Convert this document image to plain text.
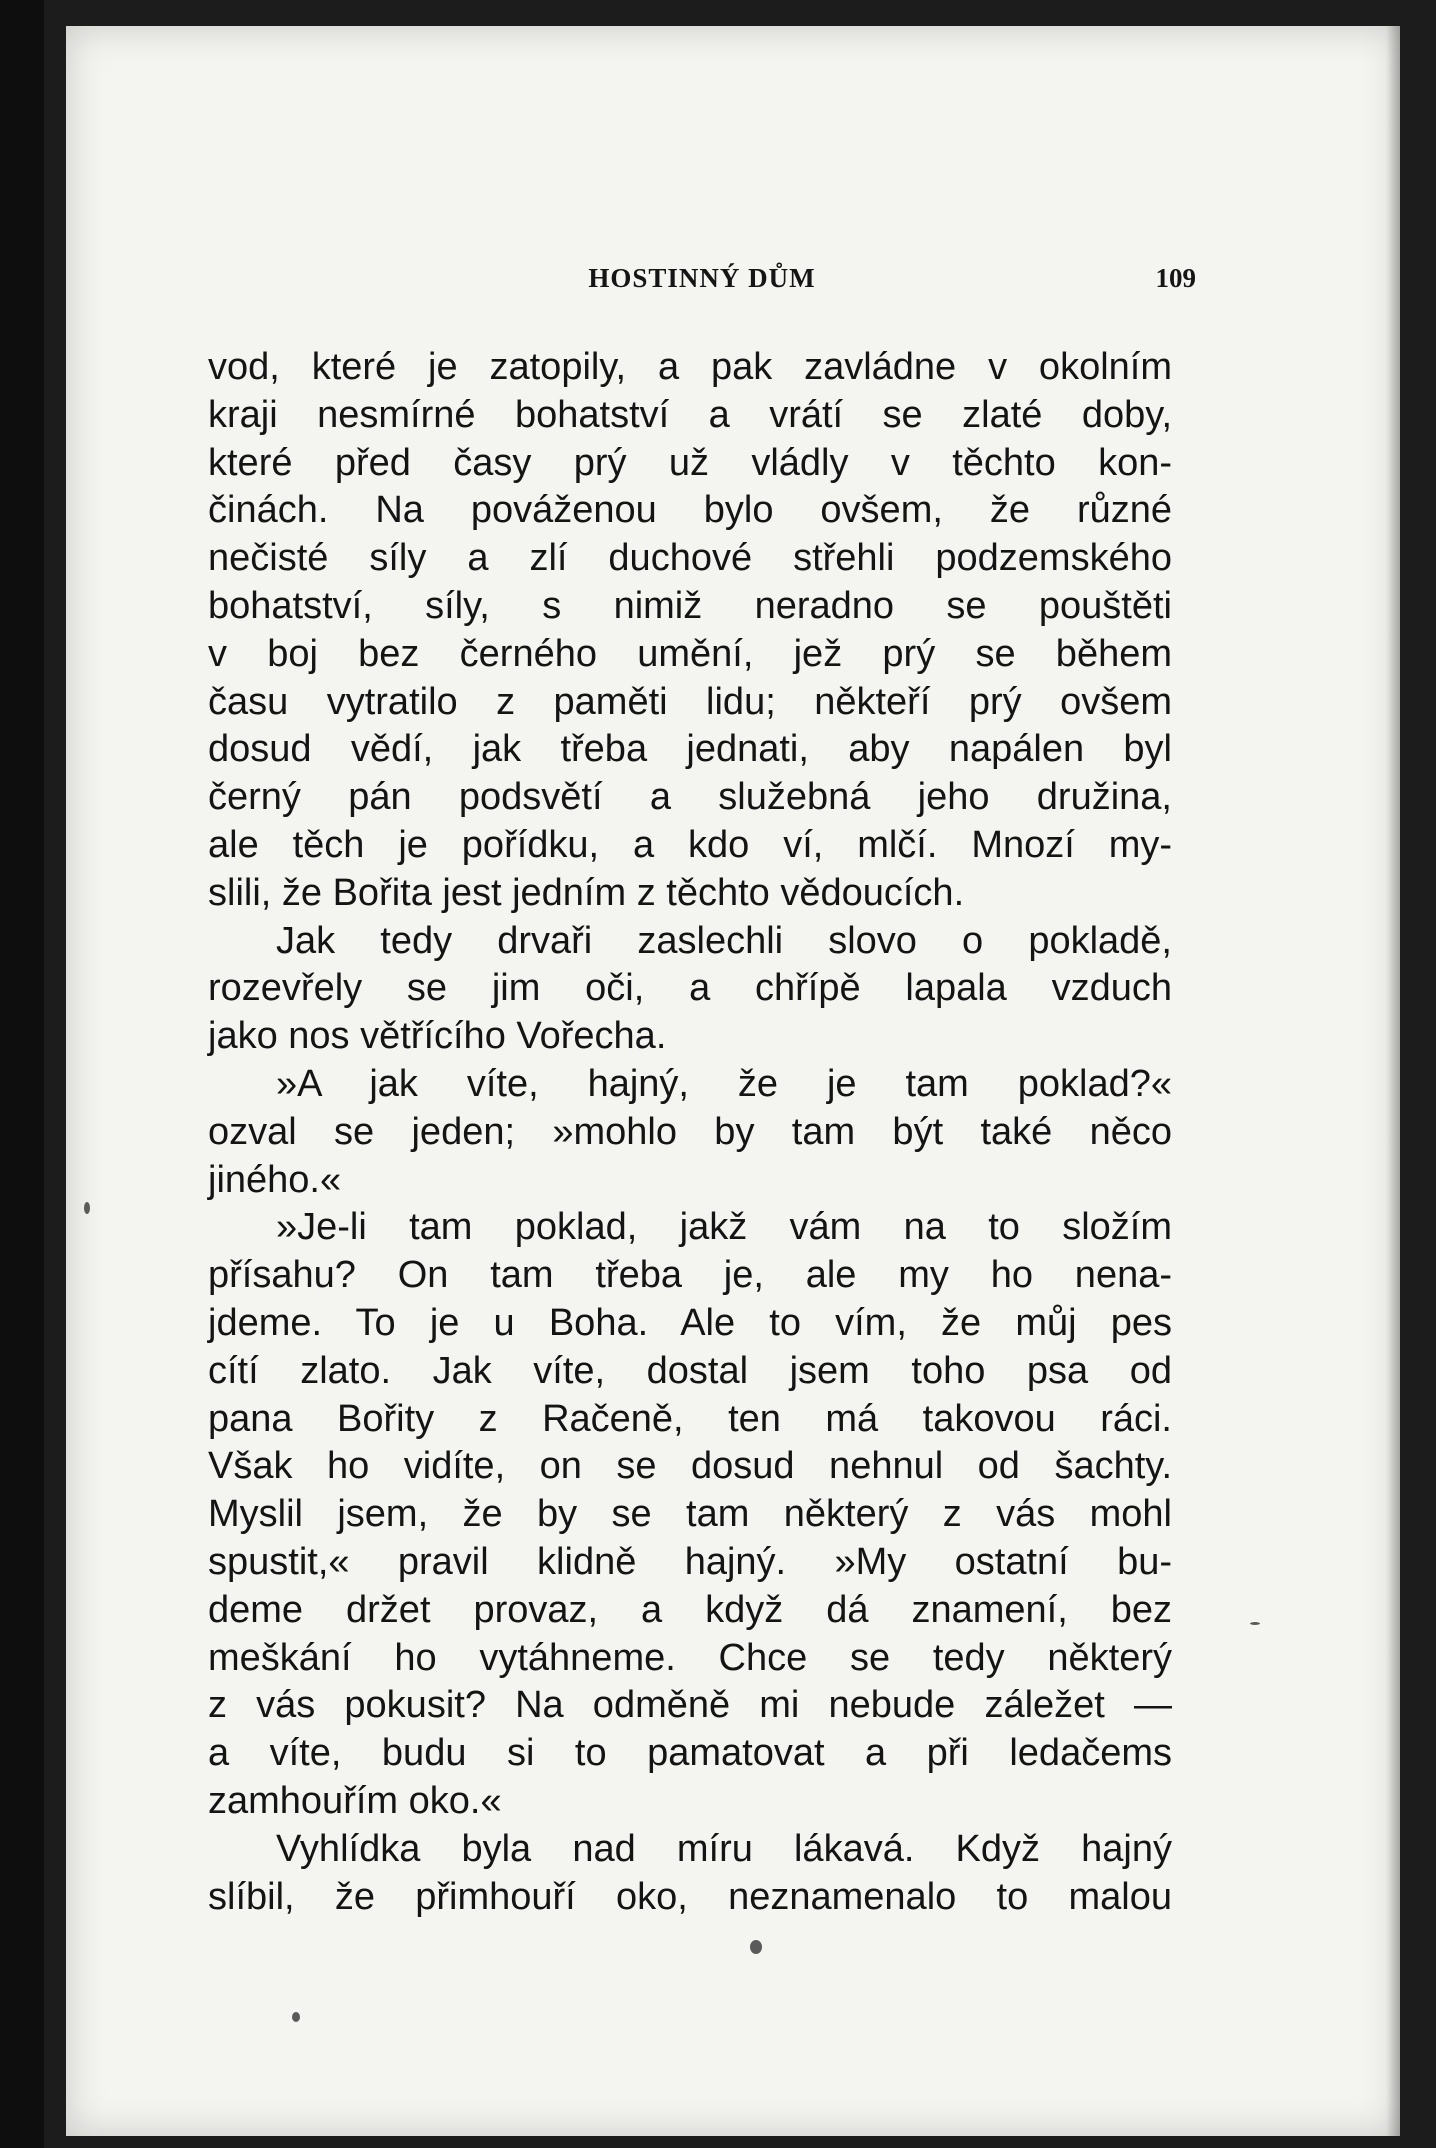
HOSTINNÝ DŮM	109
vod, které je zatopily, a pak zavládne v okolním
kraji nesmírné bohatství a vrátí se zlaté doby,
které před časy prý už vládly v těchto kon-
činách. Na pováženou bylo ovšem, že různé
nečisté síly a zlí duchové střehli podzemského
bohatství, síly, s nimiž neradno se pouštěti
v boj bez černého umění, jež prý se během
času vytratilo z paměti lidu; někteří prý ovšem
dosud vědí, jak třeba jednati, aby napálen byl
černý pán podsvětí a služebná jeho družina,
ale těch je pořídku, a kdo ví, mlčí. Mnozí my-
slili, že Bořita jest jedním z těchto vědoucích.
Jak tedy drvaři zaslechli slovo o pokladě,
rozevřely se jim oči, a chřípě lapala vzduch
jako nos větřícího Vořecha.
»A jak víte, hajný, že je tam poklad?«
ozval se jeden; »mohlo by tam být také něco
jiného.«
»Je-li tam poklad, jakž vám na to složím
přísahu? On tam třeba je, ale my ho nena-
jdeme. To je u Boha. Ale to vím, že můj pes
cítí zlato. Jak víte, dostal jsem toho psa od
pana Bořity z Račeně, ten má takovou ráci.
Však ho vidíte, on se dosud nehnul od šachty.
Myslil jsem, že by se tam některý z vás mohl
spustit,« pravil klidně hajný. »My ostatní bu-
deme držet provaz, a když dá znamení, bez
meškání ho vytáhneme. Chce se tedy některý
z vás pokusit? Na odměně mi nebude záležet —
a víte, budu si to pamatovat a při ledačems
zamhouřím oko.«
Vyhlídka byla nad míru lákavá. Když hajný
slíbil, že přimhouří oko, neznamenalo to malou
